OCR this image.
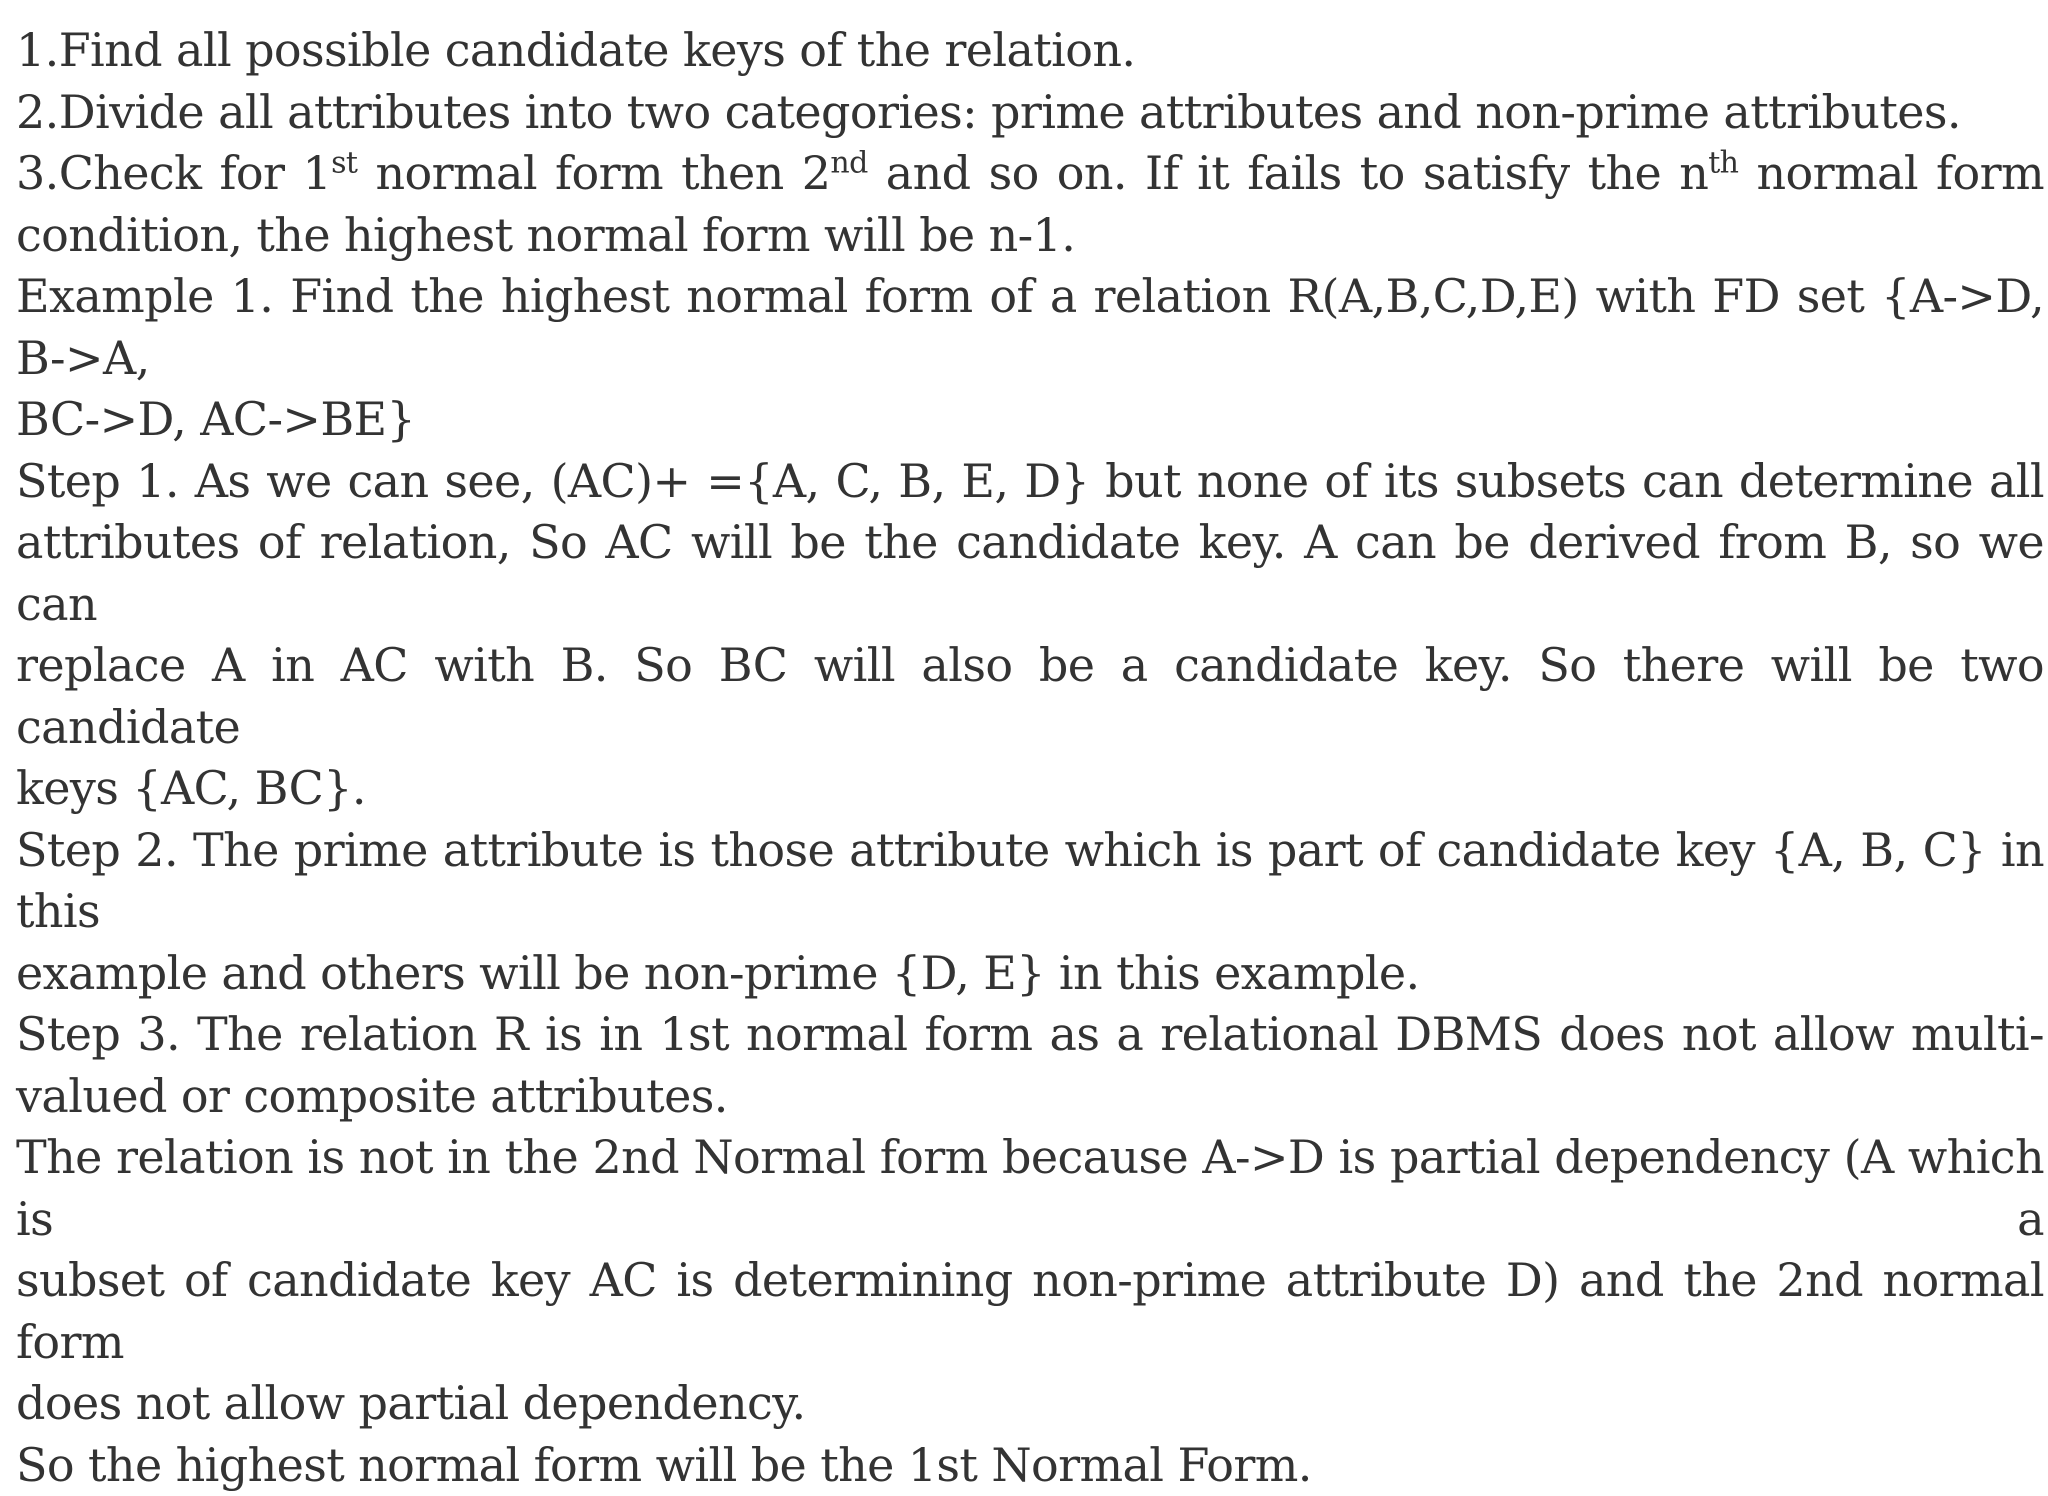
1.Find all possible candidate keys of the relation.
2.Divide all attributes into two categories: prime attributes and non-prime attributes.
3.Check for 1st normal form then 2nd and so on. If it fails to satisfy the $n^{th}$ normal form
condition, the highest normal form will be n-1.
Example 1. Find the highest normal form of a relation R(A,B,C,D,E) with FD set {A->D, B->A,
BC->D, AC->BE}
Step 1. As we can see, (AC)+ ={A, C, B, E, D} but none of its subsets can determine all
attributes of relation, So AC will be the candidate key. A can be derived from B, so we can
replace A in AC with B. So BC will also be a candidate key. So there will be two candidate
keys {AC, BC}.
Step 2. The prime attribute is those attribute which is part of candidate key {A, B, C} in this
example and others will be non-prime {D, E} in this example.
Step 3. The relation R is in 1st normal form as a relational DBMS does not allow multi-
valued or composite attributes.
The relation is not in the 2nd Normal form because A->D is partial dependency (A which is a
subset of candidate key AC is determining non-prime attribute D) and the 2nd normal form
does not allow partial dependency.
So the highest normal form will be the 1st Normal Form.
